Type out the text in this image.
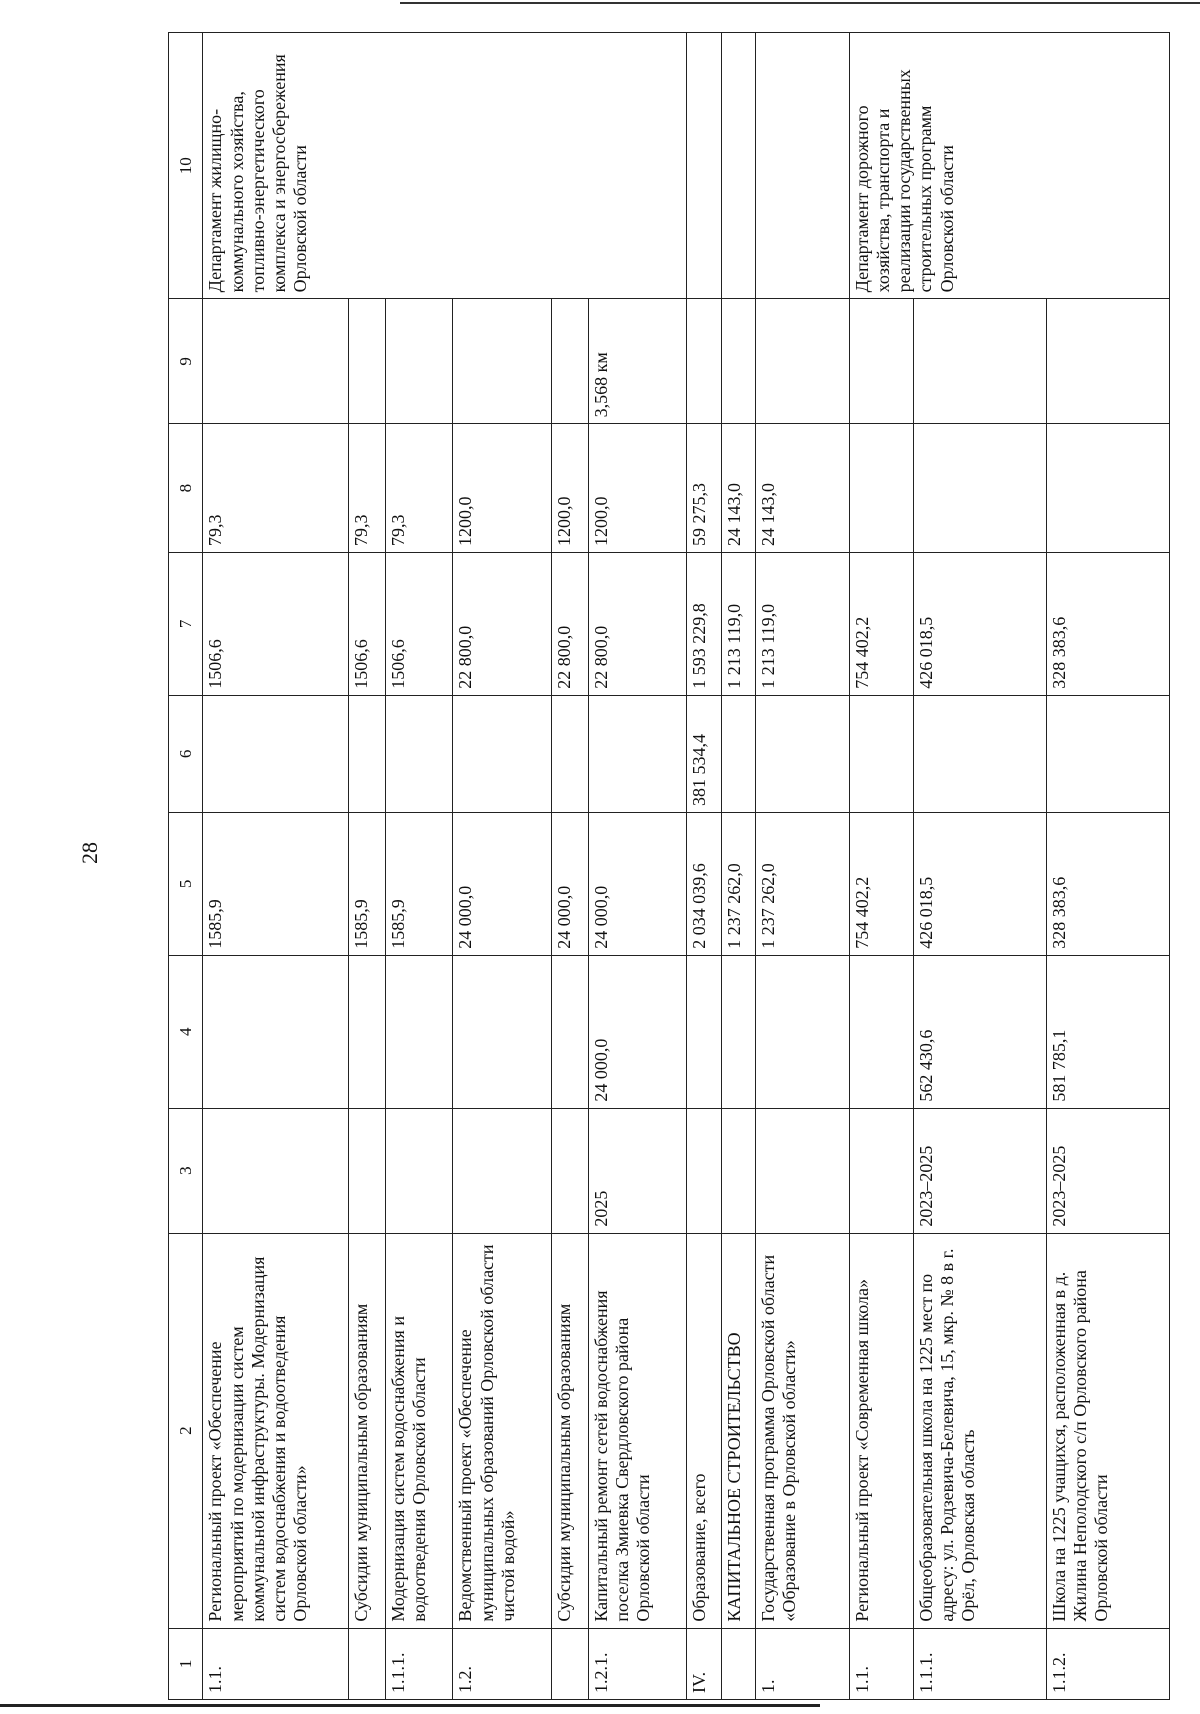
28
1	2	3	4	5	6	7	8	9	10
1.1.	Региональный проект «Обеспечение мероприятий по модернизации систем коммунальной инфраструктуры. Модернизация систем водоснабжения и водоотведения Орловской области»			1585,9		1506,6	79,3		Департамент жилищно-коммунального хозяйства, топливно-энергетического комплекса и энергосбережения Орловской области
	Субсидии муниципальным образованиям			1585,9		1506,6	79,3		
1.1.1.	Модернизация систем водоснабжения и водоотведения Орловской области			1585,9		1506,6	79,3		
1.2.	Ведомственный проект «Обеспечение муниципальных образований Орловской области чистой водой»			24 000,0		22 800,0	1200,0		
	Субсидии муниципальным образованиям			24 000,0		22 800,0	1200,0		
1.2.1.	Капитальный ремонт сетей водоснабжения поселка Змиевка Свердловского района Орловской области	2025	24 000,0	24 000,0		22 800,0	1200,0	3,568 км	
IV.	Образование, всего			2 034 039,6	381 534,4	1 593 229,8	59 275,3		
	КАПИТАЛЬНОЕ СТРОИТЕЛЬСТВО			1 237 262,0		1 213 119,0	24 143,0		
1.	Государственная программа Орловской области «Образование в Орловской области»			1 237 262,0		1 213 119,0	24 143,0		
1.1.	Региональный проект «Современная школа»			754 402,2		754 402,2			Департамент дорожного хозяйства, транспорта и реализации государственных строительных программ Орловской области
1.1.1.	Общеобразовательная школа на 1225 мест по адресу: ул. Родзевича-Белевича, 15, мкр. № 8 в г. Орёл, Орловская область	2023–2025	562 430,6	426 018,5		426 018,5			
1.1.2.	Школа на 1225 учащихся, расположенная в д. Жилина Неполодского с/п Орловского района Орловской области	2023–2025	581 785,1	328 383,6		328 383,6			
